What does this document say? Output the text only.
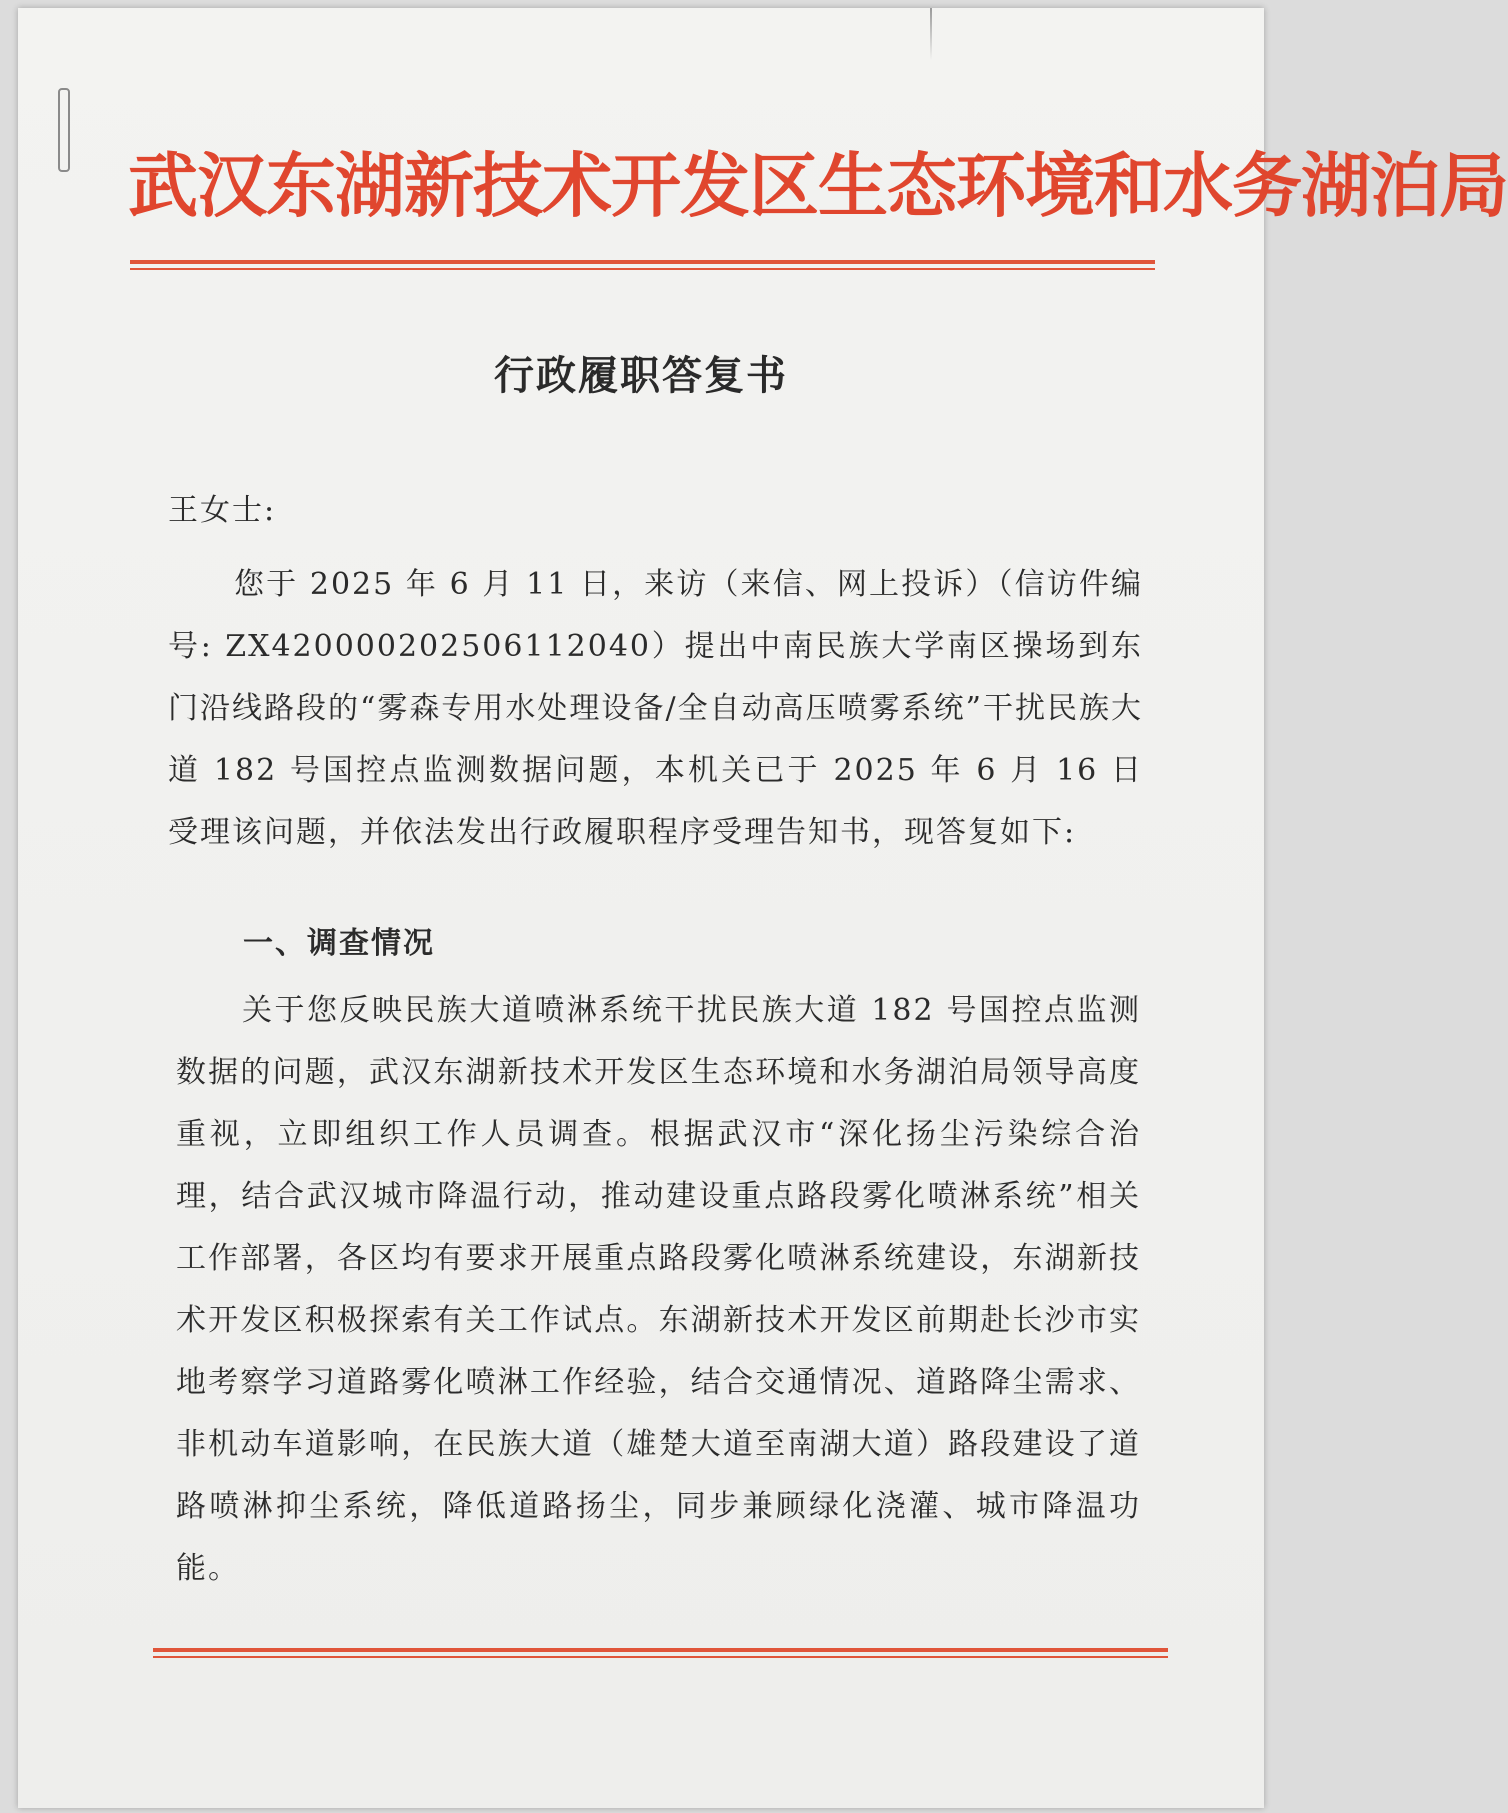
武汉东湖新技术开发区生态环境和水务湖泊局
行政履职答复书
王女士:
您于 2025 年 6 月 11 日，来访（来信、网上投诉）（信访件编号: ZX420000202506112040）提出中南民族大学南区操场到东门沿线路段的“雾森专用水处理设备/全自动高压喷雾系统”干扰民族大道 182 号国控点监测数据问题，本机关已于 2025 年 6 月 16 日受理该问题，并依法发出行政履职程序受理告知书，现答复如下:
一、调查情况
关于您反映民族大道喷淋系统干扰民族大道 182 号国控点监测数据的问题，武汉东湖新技术开发区生态环境和水务湖泊局领导高度重视，立即组织工作人员调查。根据武汉市“深化扬尘污染综合治理，结合武汉城市降温行动，推动建设重点路段雾化喷淋系统”相关工作部署，各区均有要求开展重点路段雾化喷淋系统建设，东湖新技术开发区积极探索有关工作试点。东湖新技术开发区前期赴长沙市实地考察学习道路雾化喷淋工作经验，结合交通情况、道路降尘需求、非机动车道影响，在民族大道（雄楚大道至南湖大道）路段建设了道路喷淋抑尘系统，降低道路扬尘，同步兼顾绿化浇灌、城市降温功能。
